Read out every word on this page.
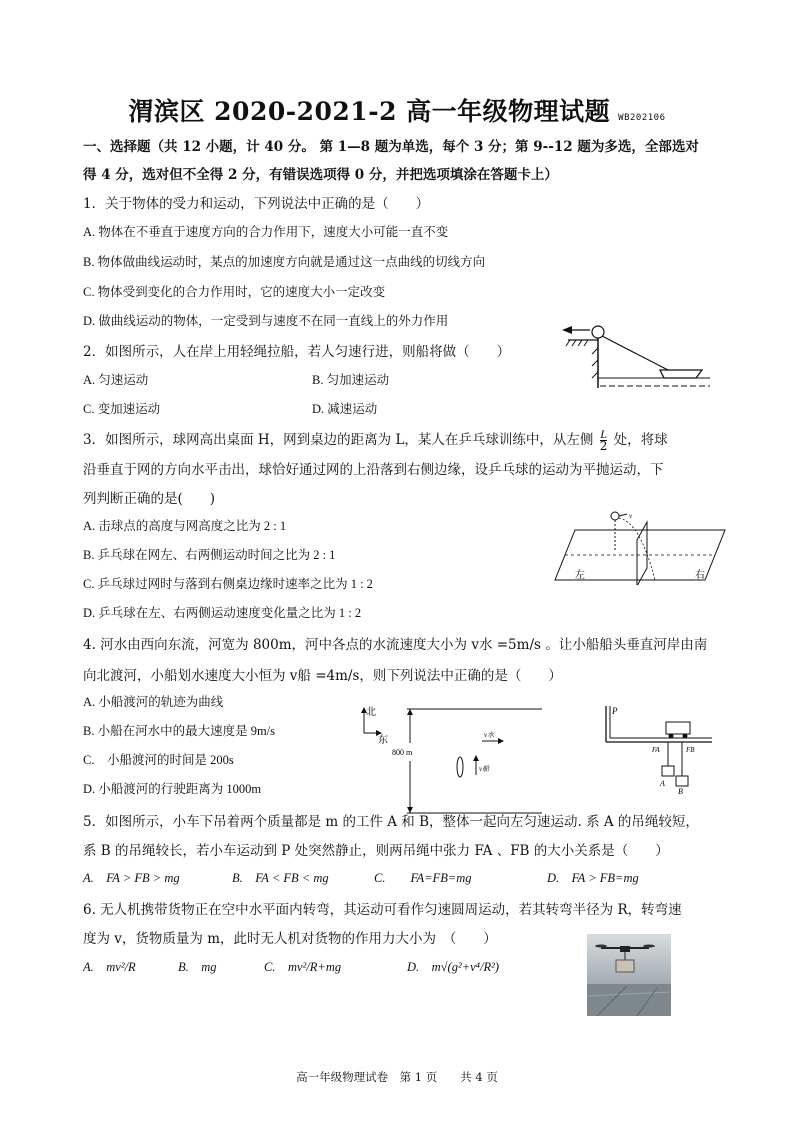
渭滨区 2020-2021-2 高一年级物理试题 WB202106
一、选择题（共 12 小题，计 40 分。 第 1—8 题为单选，每个 3 分；第 9--12 题为多选，全部选对
得 4 分，选对但不全得 2 分，有错误选项得 0 分，并把选项填涂在答题卡上）
1．关于物体的受力和运动，下列说法中正确的是（　　）
A. 物体在不垂直于速度方向的合力作用下，速度大小可能一直不变
B. 物体做曲线运动时，某点的加速度方向就是通过这一点曲线的切线方向
C. 物体受到变化的合力作用时，它的速度大小一定改变
D. 做曲线运动的物体，一定受到与速度不在同一直线上的外力作用
2．如图所示，人在岸上用轻绳拉船，若人匀速行进，则船将做（　　）
A. 匀速运动	B. 匀加速运动
C. 变加速运动	D. 减速运动
3．如图所示，球网高出桌面 H，网到桌边的距离为 L，某人在乒乓球训练中，从左侧 $\frac{L}{2}$ 处，将球
沿垂直于网的方向水平击出，球恰好通过网的上沿落到右侧边缘，设乒乓球的运动为平抛运动，下
列判断正确的是(　　)
A. 击球点的高度与网高度之比为 2 : 1
B. 乒乓球在网左、右两侧运动时间之比为 2 : 1
C. 乒乓球过网时与落到右侧桌边缘时速率之比为 1 : 2
D. 乒乓球在左、右两侧运动速度变化量之比为 1 : 2
v
左	右
4. 河水由西向东流，河宽为 800m，河中各点的水流速度大小为 v水 =5m/s 。让小船船头垂直河岸由南
向北渡河，小船划水速度大小恒为 v船 =4m/s，则下列说法中正确的是（　　）
A. 小船渡河的轨迹为曲线
B. 小船在河水中的最大速度是 9m/s
C.　小船渡河的时间是 200s
D. 小船渡河的行驶距离为 1000m
北
东
800 m
v水
v船
P
FA	FB
A
B
5．如图所示，小车下吊着两个质量都是 m 的工件 A 和 B，整体一起向左匀速运动. 系 A 的吊绳较短，
系 B 的吊绳较长，若小车运动到 P 处突然静止，则两吊绳中张力 FA 、FB 的大小关系是（　　）
A.　FA > FB > mg	B.　FA < FB < mg	C.　　FA=FB=mg	D.　FA > FB=mg
6. 无人机携带货物正在空中水平面内转弯，其运动可看作匀速圆周运动，若其转弯半径为 R，转弯速
度为 v，货物质量为 m，此时无人机对货物的作用力大小为　（　　）
A.　mv²/R	B.　mg	C.　mv²/R+mg	D.　m√(g²+v⁴/R²)
高一年级物理试卷　第 1 页　　共 4 页
